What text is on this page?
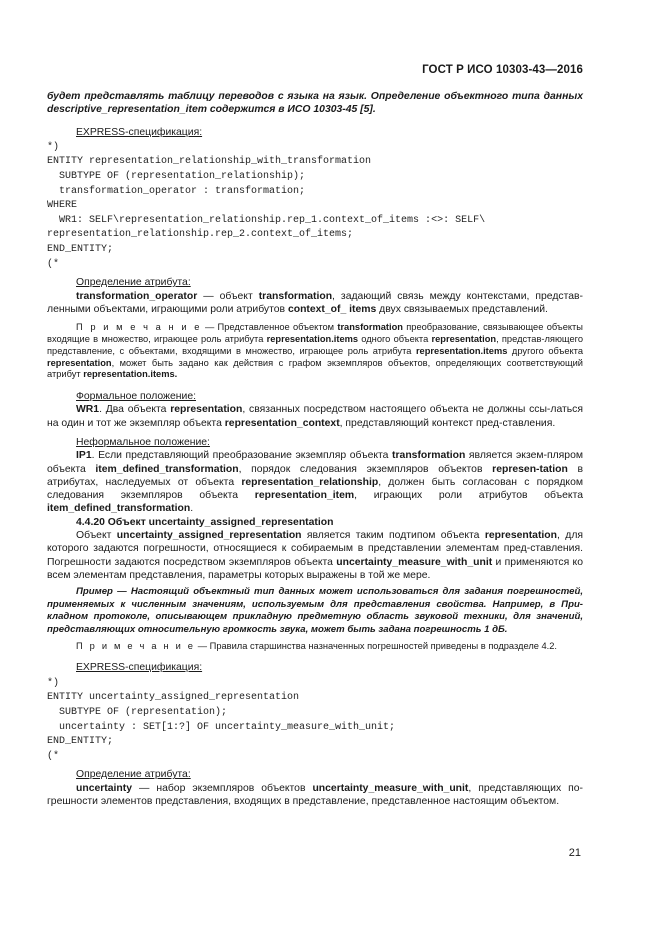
ГОСТ Р ИСО 10303-43—2016

будет представлять таблицу переводов с языка на язык. Определение объектного типа данных descriptive_representation_item содержится в ИСО 10303-45 [5].

EXPRESS-спецификация:

*)
ENTITY representation_relationship_with_transformation
SUBTYPE OF (representation_relationship);
transformation_operator : transformation;
WHERE
WR1: SELF\representation_relationship.rep_1.context_of_items :<>: SELF\
representation_relationship.rep_2.context_of_items;
END_ENTITY;
(*

Определение атрибута:

transformation_operator — объект transformation, задающий связь между контекстами, представ-ленными объектами, играющими роли атрибутов context_of_ items двух связываемых представлений.

П р и м е ч а н и е — Представленное объектом transformation преобразование, связывающее объекты входящие в множество, играющее роль атрибута representation.items одного объекта representation, представ-ляющего представление, с объектами, входящими в множество, играющее роль атрибута representation.items другого объекта representation, может быть задано как действия с графом экземпляров объектов, определяющих соответствующий атрибут representation.items.

Формальное положение:

WR1. Два объекта representation, связанных посредством настоящего объекта не должны ссы-латься на один и тот же экземпляр объекта representation_context, представляющий контекст пред-ставления.

Неформальное положение:

IP1. Если представляющий преобразование экземпляр объекта transformation является экзем-пляром объекта item_defined_transformation, порядок следования экземпляров объектов represen-tation в атрибутах, наследуемых от объекта representation_relationship, должен быть согласован с порядком следования экземпляров объекта representation_item, играющих роли атрибутов объекта item_defined_transformation.

4.4.20 Объект uncertainty_assigned_representation

Объект uncertainty_assigned_representation является таким подтипом объекта representation, для которого задаются погрешности, относящиеся к собираемым в представлении элементам пред-ставления. Погрешности задаются посредством экземпляров объекта uncertainty_measure_with_unit и применяются ко всем элементам представления, параметры которых выражены в той же мере.

Пример — Настоящий объектный тип данных может использоваться для задания погрешностей, применяемых к численным значениям, используемым для представления свойства. Например, в При-кладном протоколе, описывающем прикладную предметную область звуковой техники, для значений, представляющих относительную громкость звука, может быть задана погрешность 1 дБ.

П р и м е ч а н и е — Правила старшинства назначенных погрешностей приведены в подразделе 4.2.

EXPRESS-спецификация:

*)
ENTITY uncertainty_assigned_representation
SUBTYPE OF (representation);
uncertainty : SET[1:?] OF uncertainty_measure_with_unit;
END_ENTITY;
(*

Определение атрибута:

uncertainty — набор экземпляров объектов uncertainty_measure_with_unit, представляющих по-грешности элементов представления, входящих в представление, представленное настоящим объектом.

21
